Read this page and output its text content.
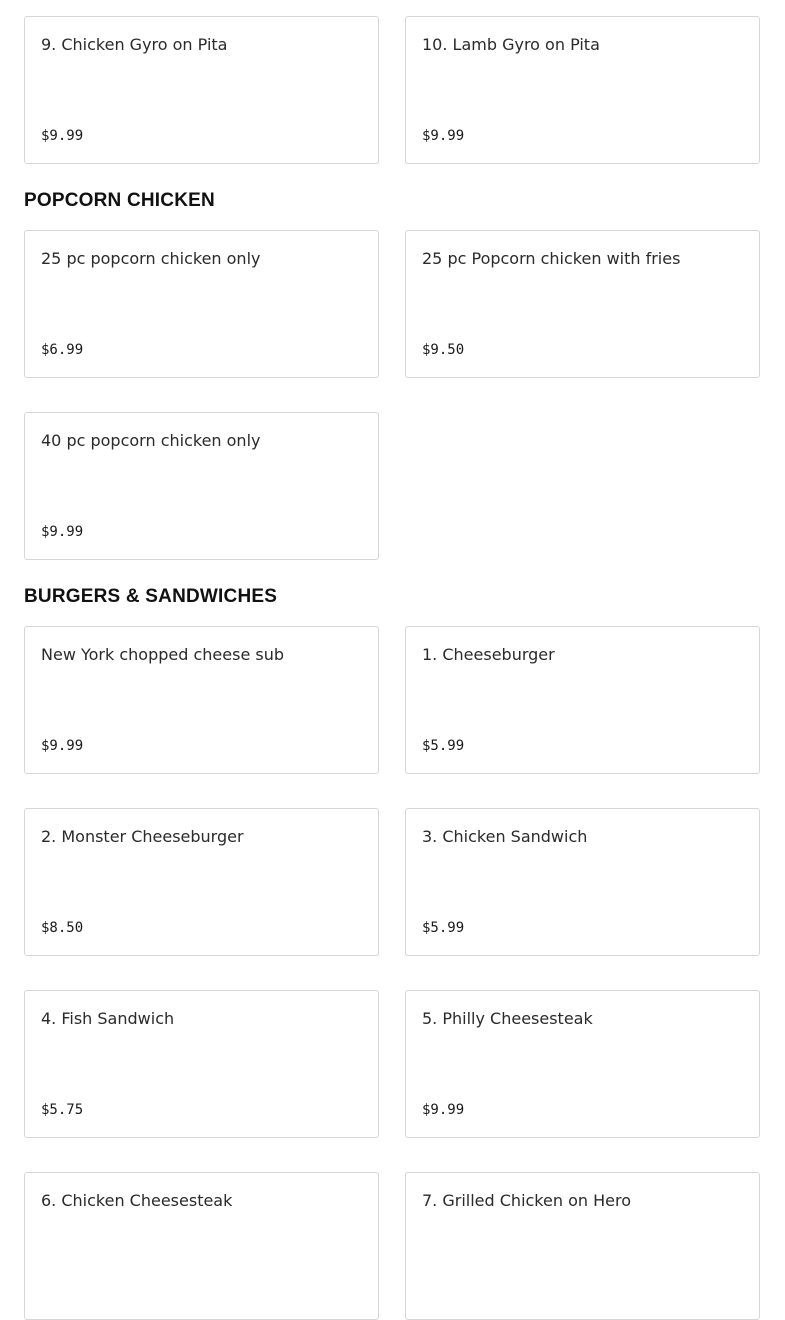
9. Chicken Gyro on Pita
$9.99
10. Lamb Gyro on Pita
$9.99
POPCORN CHICKEN
25 pc popcorn chicken only
$6.99
25 pc Popcorn chicken with fries
$9.50
40 pc popcorn chicken only
$9.99
BURGERS & SANDWICHES
New York chopped cheese sub
$9.99
1. Cheeseburger
$5.99
2. Monster Cheeseburger
$8.50
3. Chicken Sandwich
$5.99
4. Fish Sandwich
$5.75
5. Philly Cheesesteak
$9.99
6. Chicken Cheesesteak	7. Grilled Chicken on Hero
